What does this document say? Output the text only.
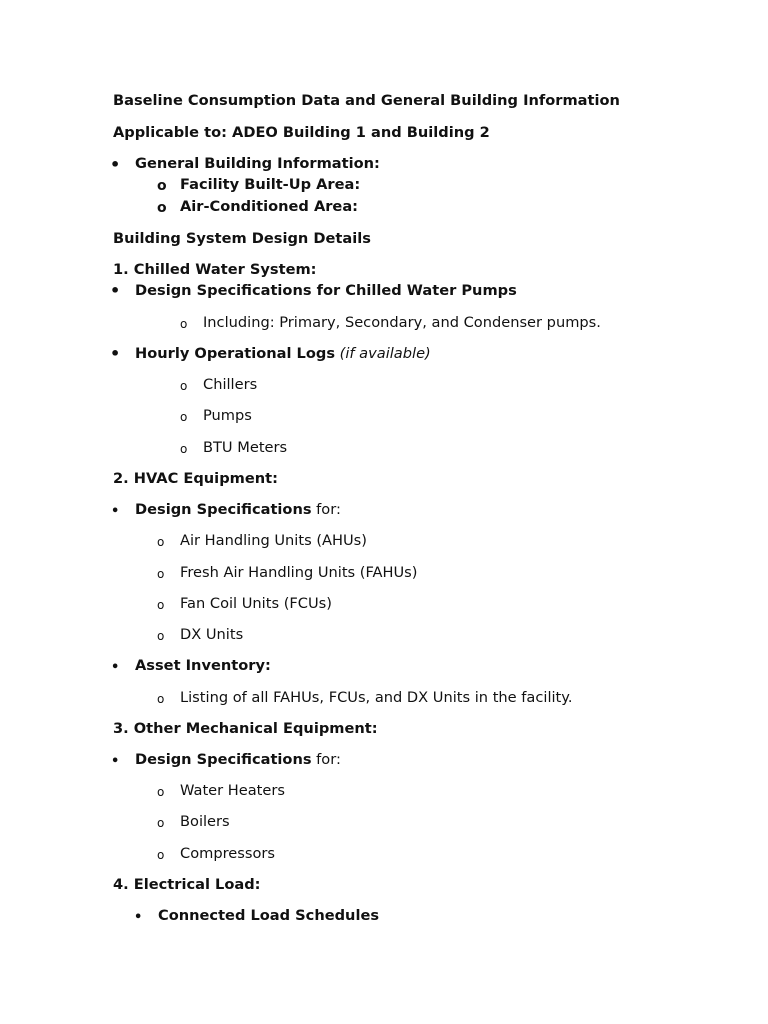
Baseline Consumption Data and General Building Information
Applicable to: ADEO Building 1 and Building 2
• General Building Information:
o Facility Built-Up Area:
o Air-Conditioned Area:
Building System Design Details
1. Chilled Water System:
• Design Specifications for Chilled Water Pumps
o Including: Primary, Secondary, and Condenser pumps.
• Hourly Operational Logs (if available)
o Chillers
o Pumps
o BTU Meters
2. HVAC Equipment:
• Design Specifications for:
o Air Handling Units (AHUs)
o Fresh Air Handling Units (FAHUs)
o Fan Coil Units (FCUs)
o DX Units
• Asset Inventory:
o Listing of all FAHUs, FCUs, and DX Units in the facility.
3. Other Mechanical Equipment:
• Design Specifications for:
o Water Heaters
o Boilers
o Compressors
4. Electrical Load:
• Connected Load Schedules
